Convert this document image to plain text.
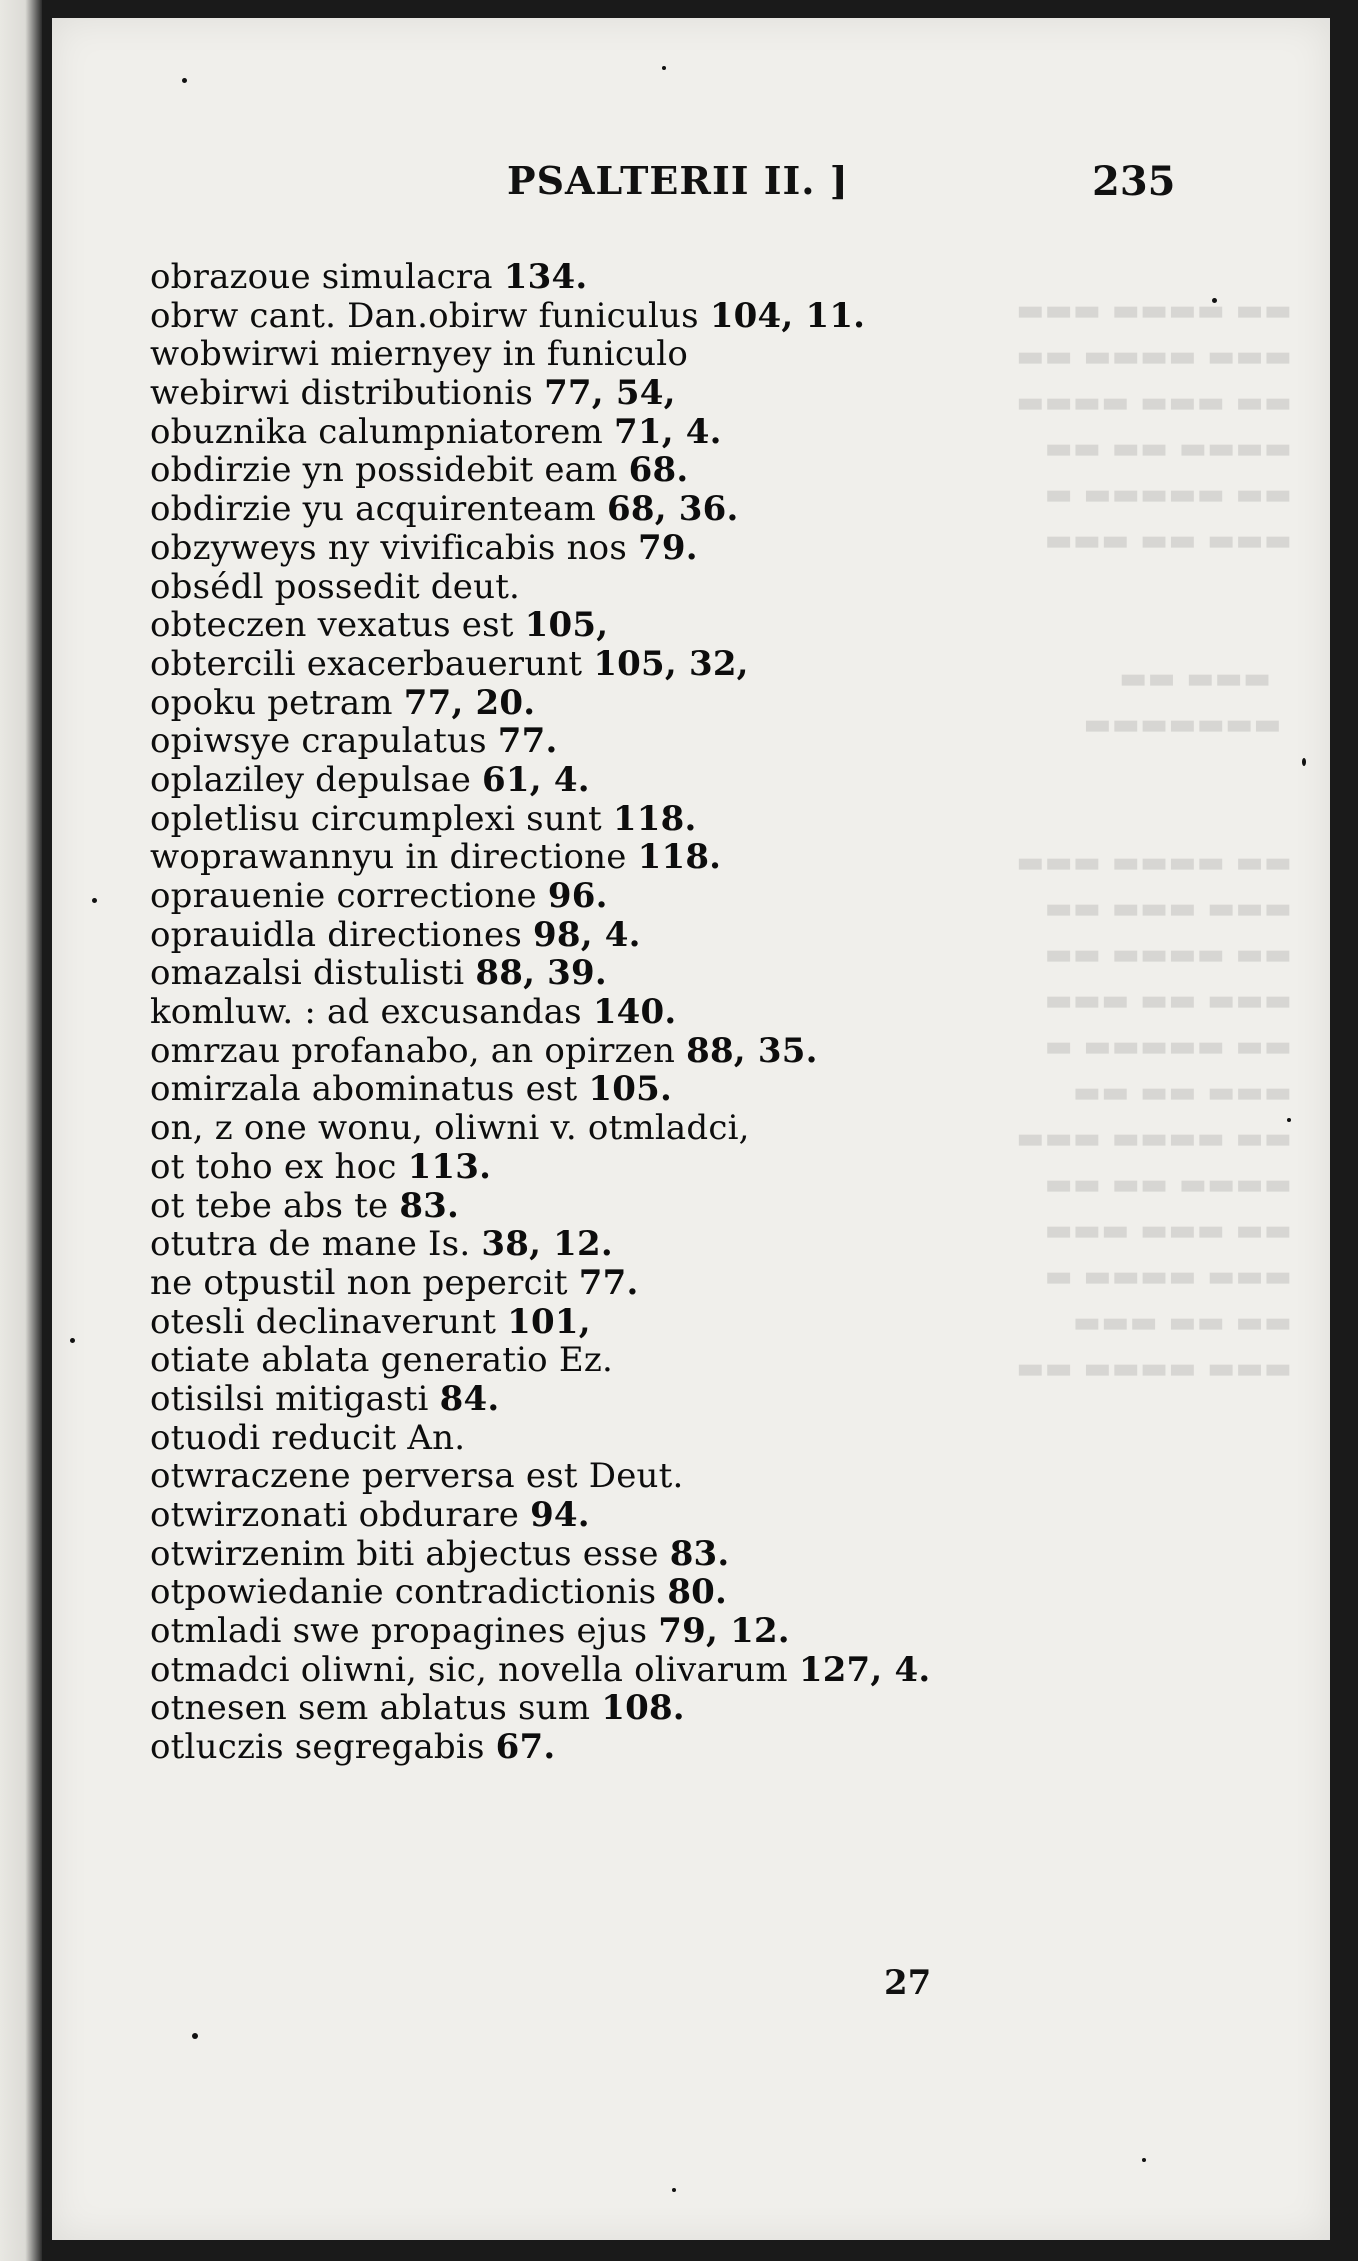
▬▬ ▬▬▬▬ ▬▬▬
▬▬▬ ▬▬▬▬ ▬▬
▬▬ ▬▬▬ ▬▬▬▬
▬▬▬▬ ▬▬ ▬▬
▬▬ ▬▬▬▬▬ ▬
▬▬▬ ▬▬ ▬▬▬

▬▬▬ ▬▬
▬▬▬▬▬▬▬

▬▬ ▬▬▬▬ ▬▬▬
▬▬▬ ▬▬▬ ▬▬
▬▬ ▬▬▬▬ ▬▬
▬▬▬ ▬▬ ▬▬▬
▬▬ ▬▬▬▬▬ ▬
▬▬▬ ▬▬ ▬▬
▬▬ ▬▬▬▬ ▬▬▬
▬▬▬▬ ▬▬ ▬▬
▬▬ ▬▬▬ ▬▬▬
▬▬▬ ▬▬▬▬ ▬
▬▬ ▬▬ ▬▬▬
▬▬▬ ▬▬▬▬ ▬▬
PSALTERII II. ]	235
obrazoue simulacra 134.
obrw cant. Dan.obirw funiculus 104, 11.
wobwirwi miernyey in funiculo
webirwi distributionis 77, 54,
obuznika calumpniatorem 71, 4.
obdirzie yn possidebit eam 68.
obdirzie yu acquirenteam 68, 36.
obzyweys ny vivificabis nos 79.
obsédl possedit deut.
obteczen vexatus est 105,
obtercili exacerbauerunt 105, 32,
opoku petram 77, 20.
opiwsye crapulatus 77.
oplaziley depulsae 61, 4.
opletlisu circumplexi sunt 118.
woprawannyu in directione 118.
oprauenie correctione 96.
oprauidla directiones 98, 4.
omazalsi distulisti 88, 39.
komluw. : ad excusandas 140.
omrzau profanabo, an opirzen 88, 35.
omirzala abominatus est 105.
on, z one wonu, oliwni v. otmladci,
ot toho ex hoc 113.
ot tebe abs te 83.
otutra de mane Is. 38, 12.
ne otpustil non pepercit 77.
otesli declinaverunt 101,
otiate ablata generatio Ez.
otisilsi mitigasti 84.
otuodi reducit An.
otwraczene perversa est Deut.
otwirzonati obdurare 94.
otwirzenim biti abjectus esse 83.
otpowiedanie contradictionis 80.
otmladi swe propagines ejus 79, 12.
otmadci oliwni, sic, novella olivarum 127, 4.
otnesen sem ablatus sum 108.
otluczis segregabis 67.
27
